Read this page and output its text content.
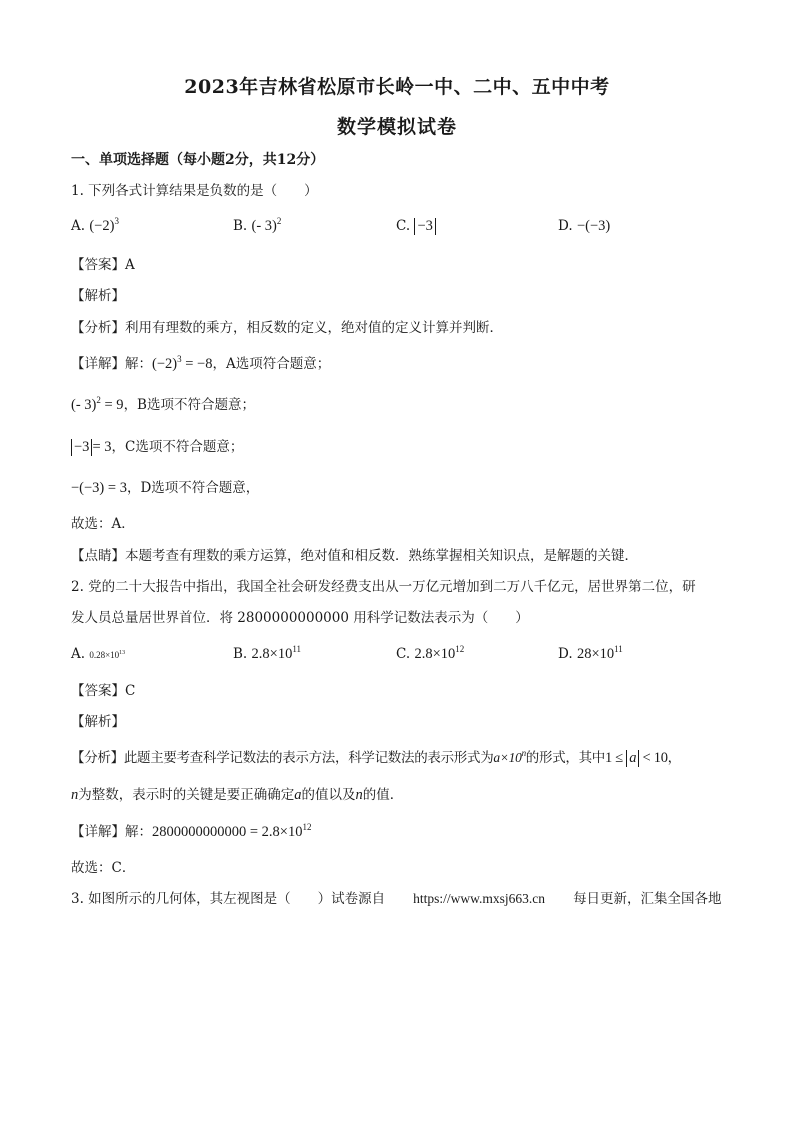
2023年吉林省松原市长岭一中、二中、五中中考
数学模拟试卷
一、单项选择题（每小题2分，共12分）
1. 下列各式计算结果是负数的是（　　）
A. $(-2)^3$	B. (- 3)$^2$	C. −3	D. −(−3)
【答案】A
【解析】
【分析】利用有理数的乘方，相反数的定义，绝对值的定义计算并判断．
【详解】解：$(-2)^3 = -8$，A选项符合题意；
(- 3)$^2$ = 9，B选项不符合题意；
−3 = 3，C选项不符合题意；
−(−3) = 3，D选项不符合题意，
故选：A．
【点睛】本题考查有理数的乘方运算，绝对值和相反数．熟练掌握相关知识点，是解题的关键．
2. 党的二十大报告中指出，我国全社会研发经费支出从一万亿元增加到二万八千亿元，居世界第二位，研
发人员总量居世界首位．将 2800000000000 用科学记数法表示为（　　）
A. $0.28\times 10^{13}$	B. $2.8\times 10^{11}$	C. $2.8\times 10^{12}$	D. $28\times 10^{11}$
【答案】C
【解析】
【分析】此题主要考查科学记数法的表示方法，科学记数法的表示形式为$a\times 10^n$的形式，其中1 ≤ a < 10，
n为整数，表示时的关键是要正确确定a的值以及n的值．
【详解】解：$2800000000000 = 2.8\times 10^{12}$
故选：C．
3. 如图所示的几何体，其左视图是（　　）试卷源自 https://www.mxsj663.cn 每日更新，汇集全国各地
